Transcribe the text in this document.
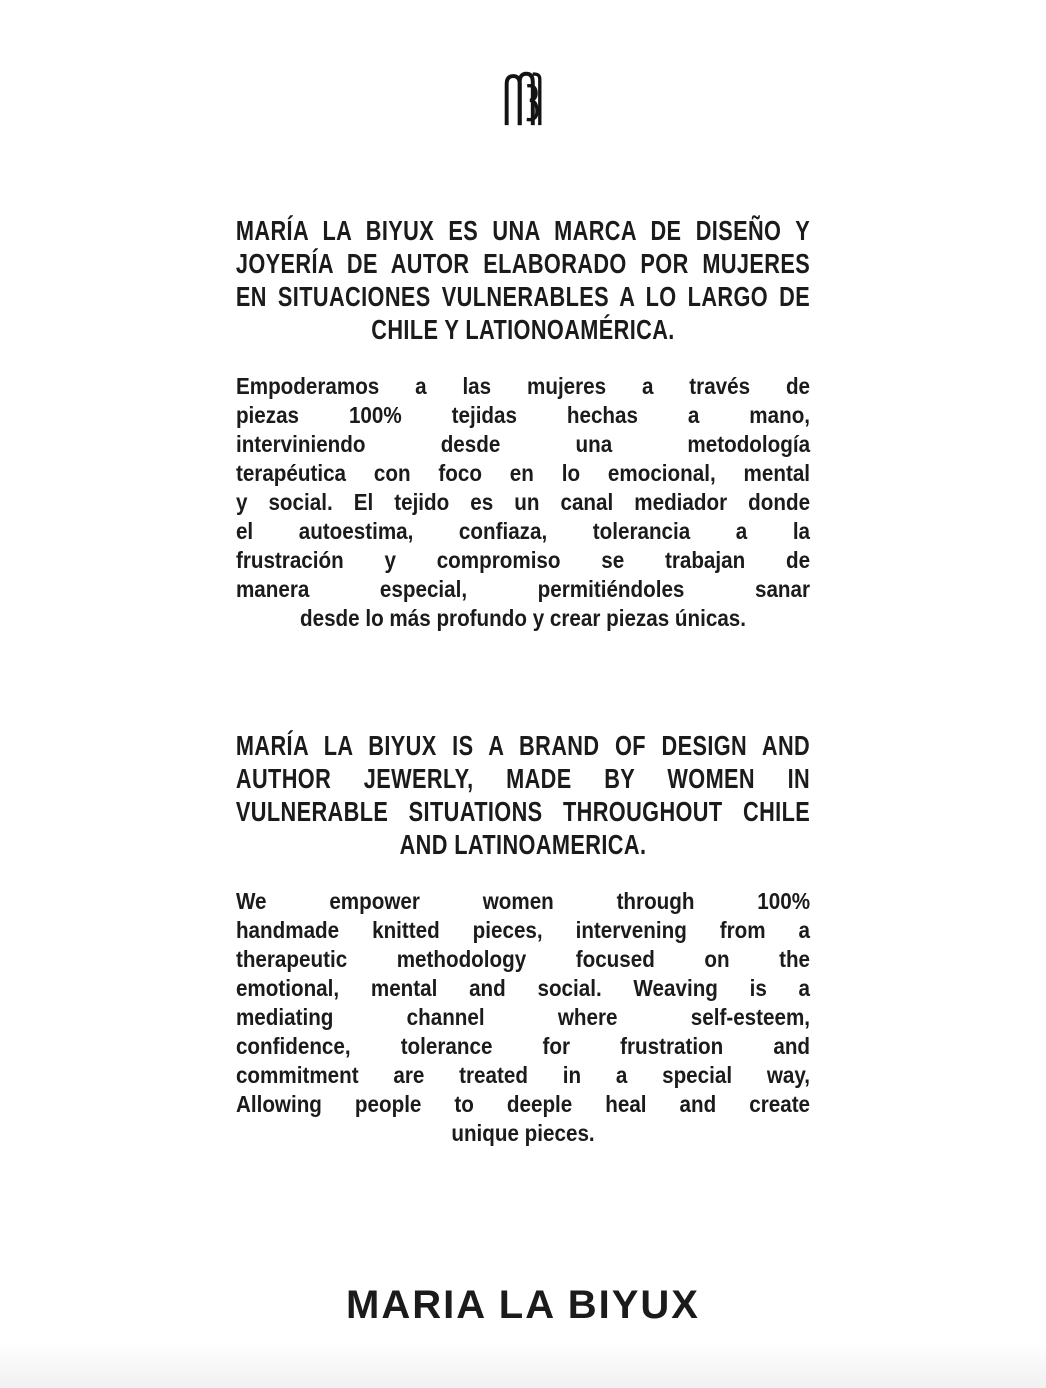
MARÍA LA BIYUX ES UNA MARCA DE DISEÑO Y
JOYERÍA DE AUTOR ELABORADO POR MUJERES
EN SITUACIONES VULNERABLES A LO LARGO DE
CHILE Y LATIONOAMÉRICA.
Empoderamos a las mujeres a través de
piezas 100% tejidas hechas a mano,
interviniendo desde una metodología
terapéutica con foco en lo emocional, mental
y social. El tejido es un canal mediador donde
el autoestima, confiaza, tolerancia a la
frustración y compromiso se trabajan de
manera especial, permitiéndoles sanar
desde lo más profundo y crear piezas únicas.
MARÍA LA BIYUX IS A BRAND OF DESIGN AND
AUTHOR JEWERLY, MADE BY WOMEN IN
VULNERABLE SITUATIONS THROUGHOUT CHILE
AND LATINOAMERICA.
We empower women through 100%
handmade knitted pieces, intervening from a
therapeutic methodology focused on the
emotional, mental and social. Weaving is a
mediating channel where self-esteem,
confidence, tolerance for frustration and
commitment are treated in a special way,
Allowing people to deeple heal and create
unique pieces.
MARIA LA BIYUX
